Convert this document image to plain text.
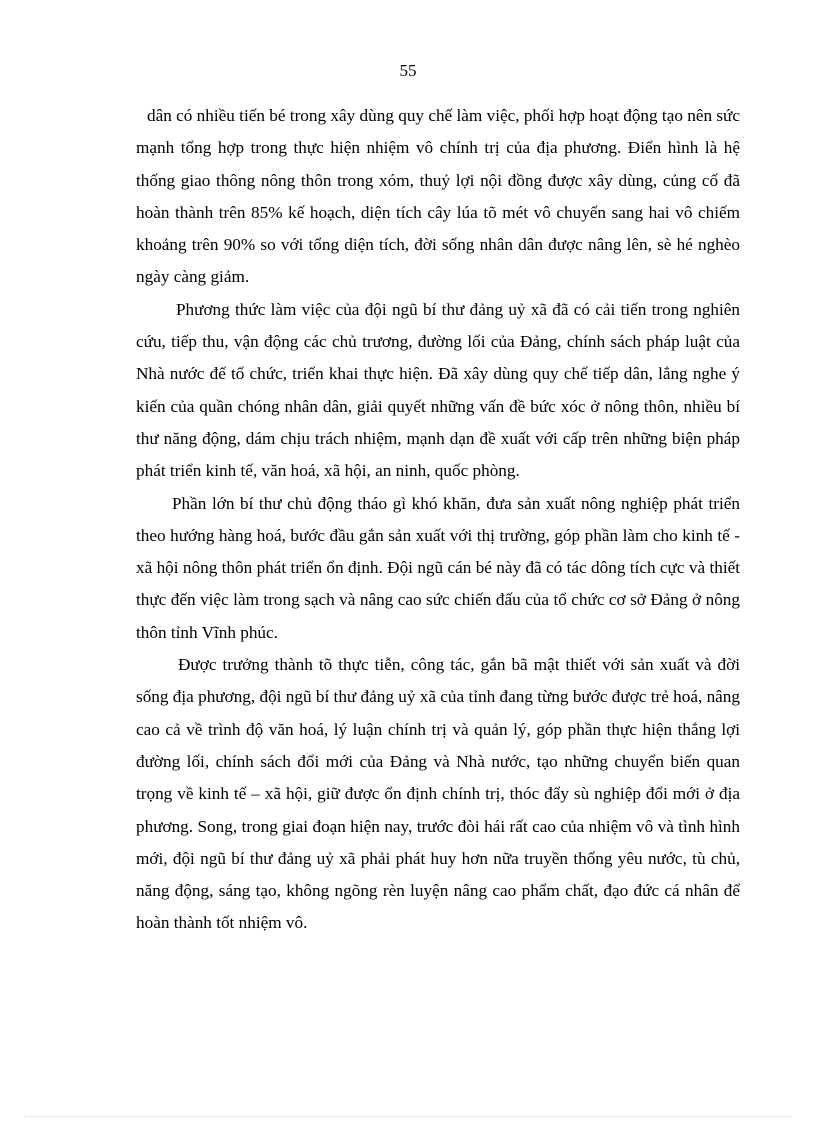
55

dân có nhiều tiến bé trong xây dùng quy chế làm việc, phối hợp hoạt động tạo nên sức mạnh tổng hợp trong thực hiện nhiệm vô chính trị của địa phương. Điển hình là hệ thống giao thông nông thôn trong xóm, thuỷ lợi nội đồng được xây dùng, củng cố đã hoàn thành trên 85% kế hoạch, diện tích cây lúa tõ mét vô chuyển sang hai vô chiếm khoảng trên 90% so với tổng diện tích, đời sống nhân dân được nâng lên, sè hé nghèo ngày càng giảm.

Phương thức làm việc của đội ngũ bí thư đảng uỷ xã đã có cải tiến trong nghiên cứu, tiếp thu, vận động các chủ trương, đường lối của Đảng, chính sách pháp luật của Nhà nước để tổ chức, triển khai thực hiện. Đã xây dùng quy chế tiếp dân, lắng nghe ý kiến của quần chóng nhân dân, giải quyết những vấn đề bức xóc ở nông thôn, nhiều bí thư năng động, dám chịu trách nhiệm, mạnh dạn đề xuất với cấp trên những biện pháp phát triển kinh tế, văn hoá, xã hội, an ninh, quốc phòng.

Phần lớn bí thư chủ động tháo gì khó khăn, đưa sản xuất nông nghiệp phát triển theo hướng hàng hoá, bước đầu gắn sản xuất với thị trường, góp phần làm cho kinh tế - xã hội nông thôn phát triển ổn định. Đội ngũ cán bé này đã có tác dông tích cực và thiết thực đến việc làm trong sạch và nâng cao sức chiến đấu của tổ chức cơ sở Đảng ở nông thôn tỉnh Vĩnh phúc.

Được trưởng thành tõ thực tiễn, công tác, gắn bã mật thiết với sản xuất và đời sống địa phương, đội ngũ bí thư đảng uỷ xã của tỉnh đang từng bước được trẻ hoá, nâng cao cả về trình độ văn hoá, lý luận chính trị và quản lý, góp phần thực hiện thắng lợi đường lối, chính sách đổi mới của Đảng và Nhà nước, tạo những chuyển biến quan trọng về kinh tế – xã hội, giữ được ổn định chính trị, thóc đẩy sù nghiệp đổi mới ở địa phương. Song, trong giai đoạn hiện nay, trước đòi hái rất cao của nhiệm vô và tình hình mới, đội ngũ bí thư đảng uỷ xã phải phát huy hơn nữa truyền thống yêu nước, tù chủ, năng động, sáng tạo, không ngõng rèn luyện nâng cao phẩm chất, đạo đức cá nhân để hoàn thành tốt nhiệm vô.
